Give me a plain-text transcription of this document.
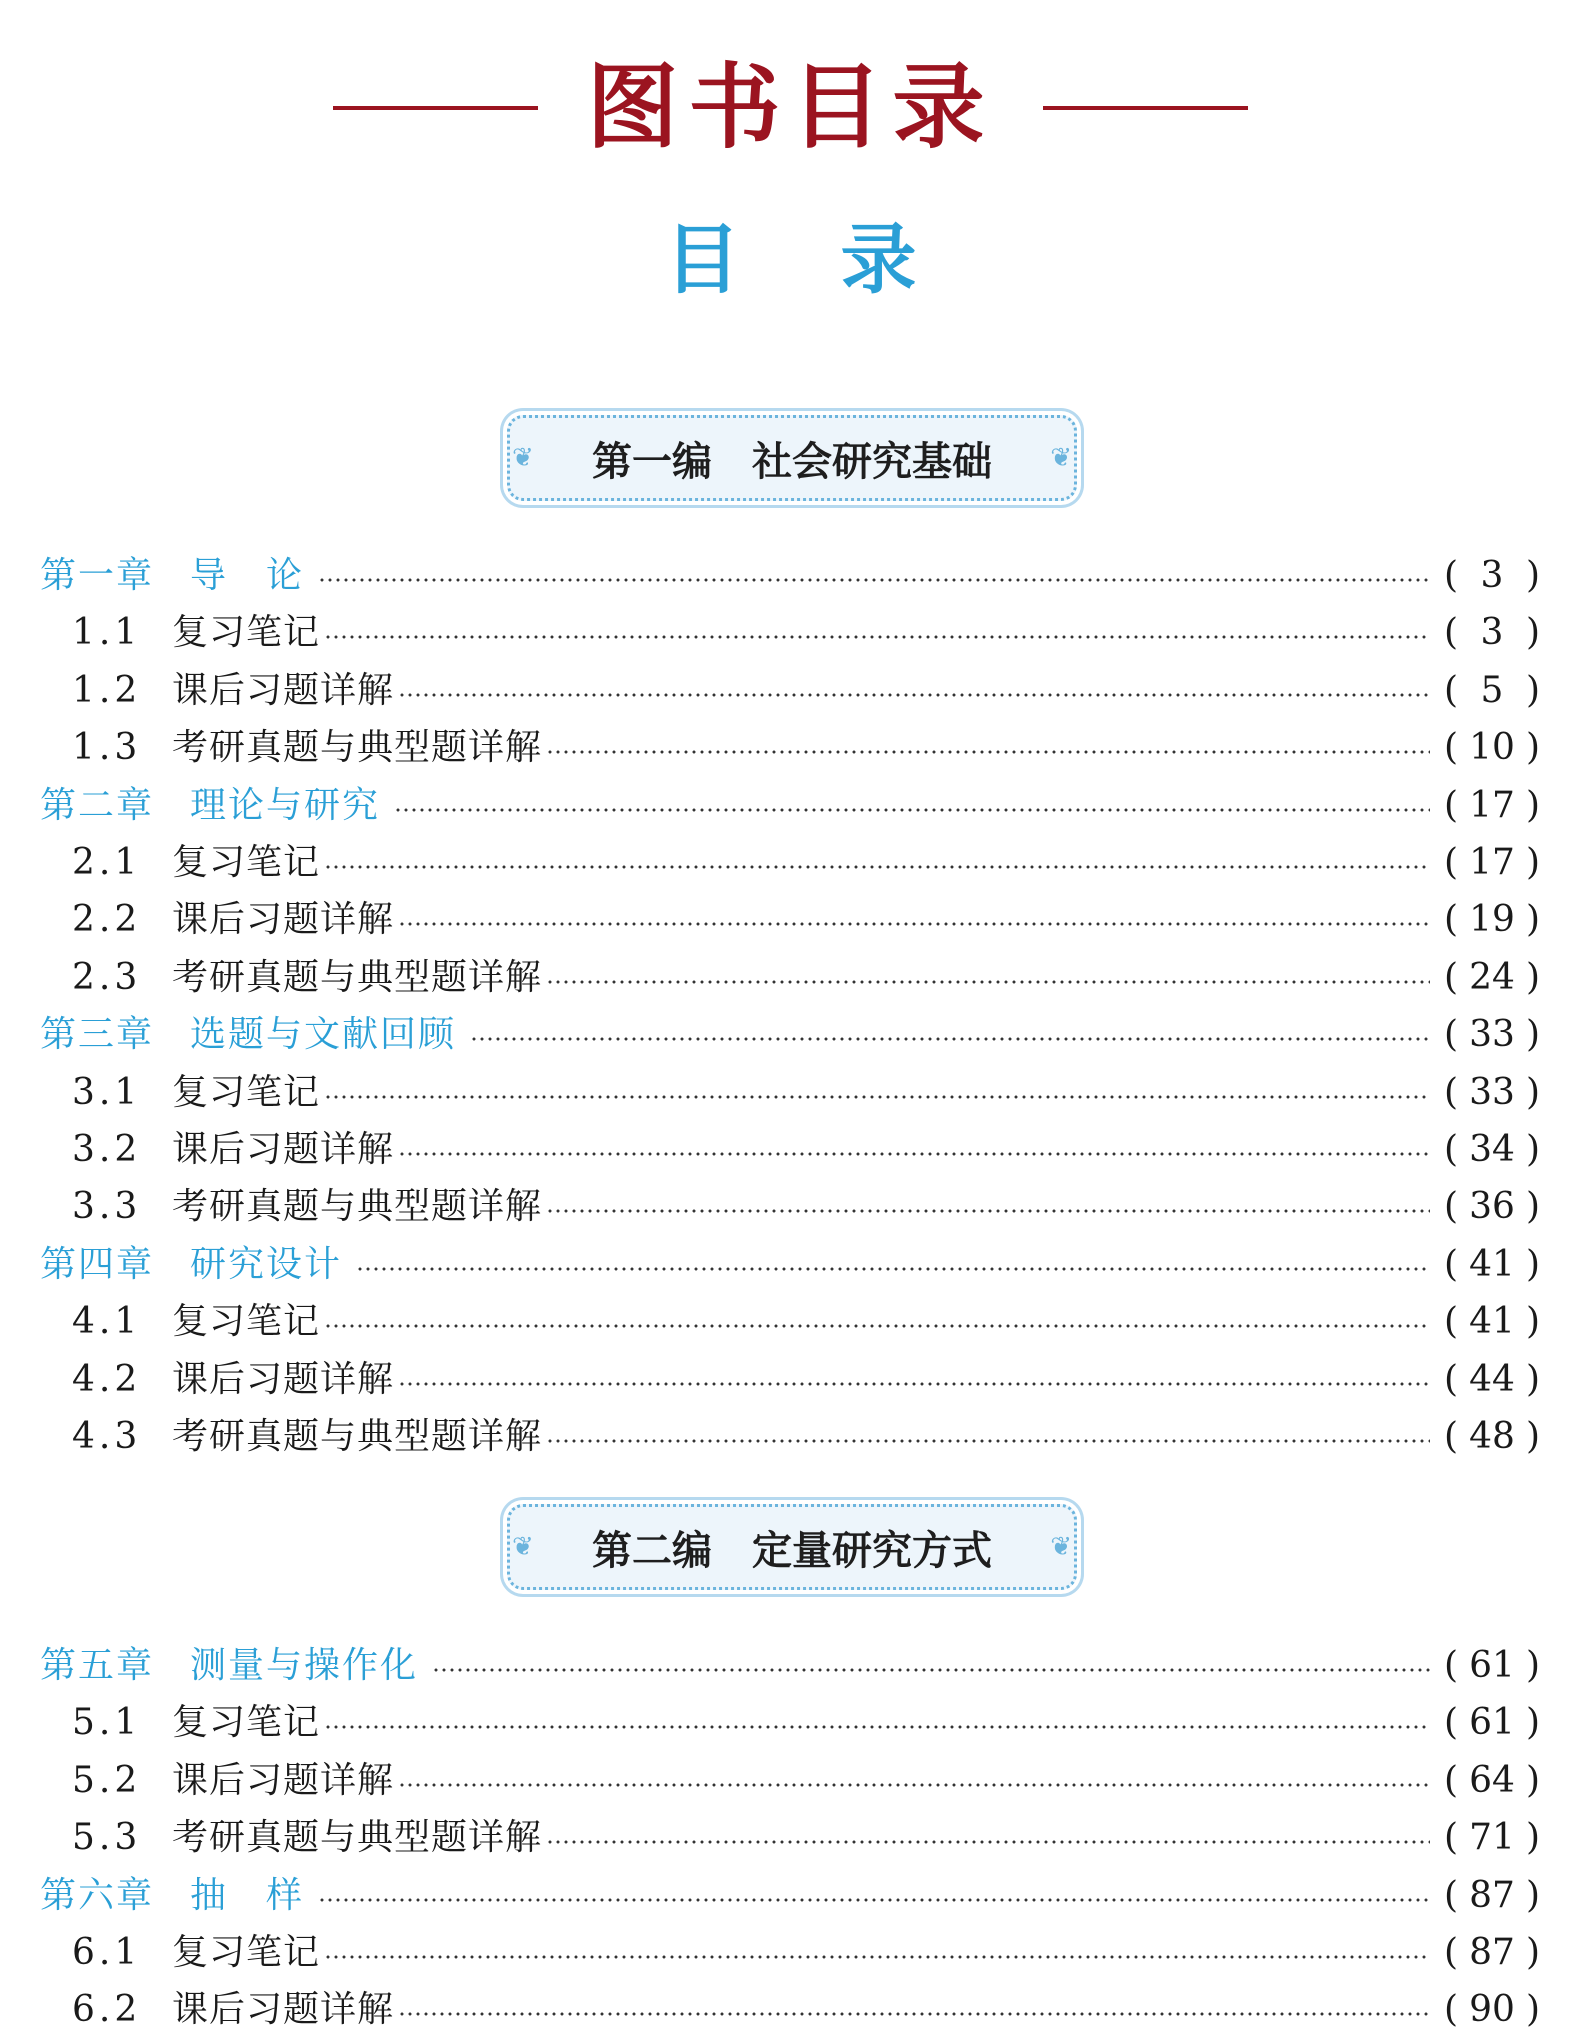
图书目录
目录
❦ 第一编　社会研究基础 ❦
第一章 导　论	( 3 )
1.1 复习笔记	( 3 )
1.2 课后习题详解	( 5 )
1.3 考研真题与典型题详解	( 10 )
第二章 理论与研究	( 17 )
2.1 复习笔记	( 17 )
2.2 课后习题详解	( 19 )
2.3 考研真题与典型题详解	( 24 )
第三章 选题与文献回顾	( 33 )
3.1 复习笔记	( 33 )
3.2 课后习题详解	( 34 )
3.3 考研真题与典型题详解	( 36 )
第四章 研究设计	( 41 )
4.1 复习笔记	( 41 )
4.2 课后习题详解	( 44 )
4.3 考研真题与典型题详解	( 48 )
❦ 第二编　定量研究方式 ❦
第五章 测量与操作化	( 61 )
5.1 复习笔记	( 61 )
5.2 课后习题详解	( 64 )
5.3 考研真题与典型题详解	( 71 )
第六章 抽　样	( 87 )
6.1 复习笔记	( 87 )
6.2 课后习题详解	( 90 )
